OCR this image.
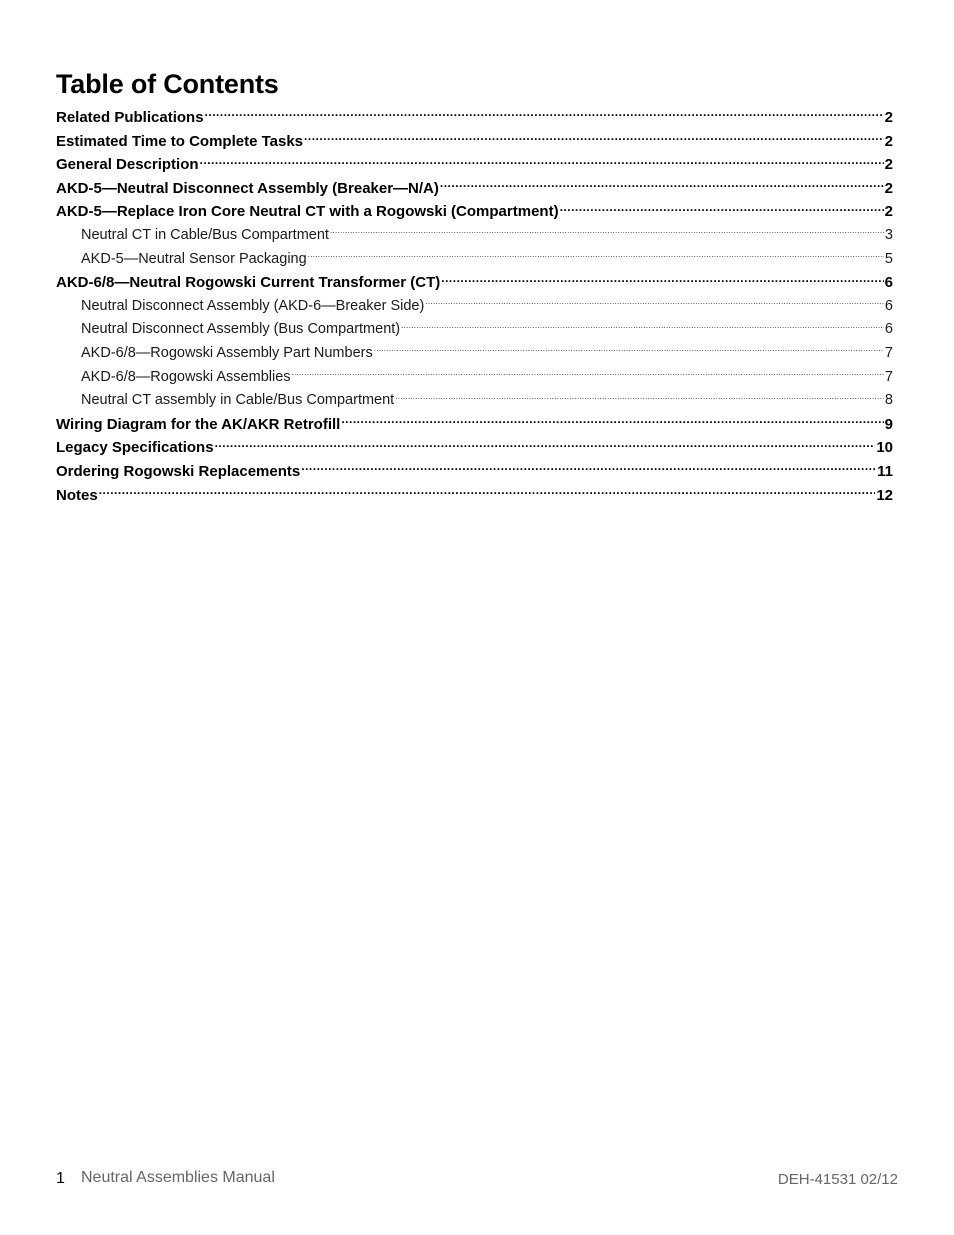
Table of Contents
Related Publications .....	2
Estimated Time to Complete Tasks .....	2
General Description .....	2
AKD-5—Neutral Disconnect Assembly (Breaker—N/A) .....	2
AKD-5—Replace Iron Core Neutral CT with a Rogowski (Compartment) .....	2
Neutral CT in Cable/Bus Compartment .....	3
AKD-5—Neutral Sensor Packaging .....	5
AKD-6/8—Neutral Rogowski Current Transformer (CT) .....	6
Neutral Disconnect Assembly (AKD-6—Breaker Side) .....	6
Neutral Disconnect Assembly (Bus Compartment) .....	6
AKD-6/8—Rogowski Assembly Part Numbers .....	7
AKD-6/8—Rogowski Assemblies .....	7
Neutral CT assembly in Cable/Bus Compartment .....	8
Wiring Diagram for the AK/AKR Retrofill .....	9
Legacy Specifications .....	10
Ordering Rogowski Replacements .....	11
Notes .....	12
1 Neutral Assemblies Manual	DEH-41531 02/12
